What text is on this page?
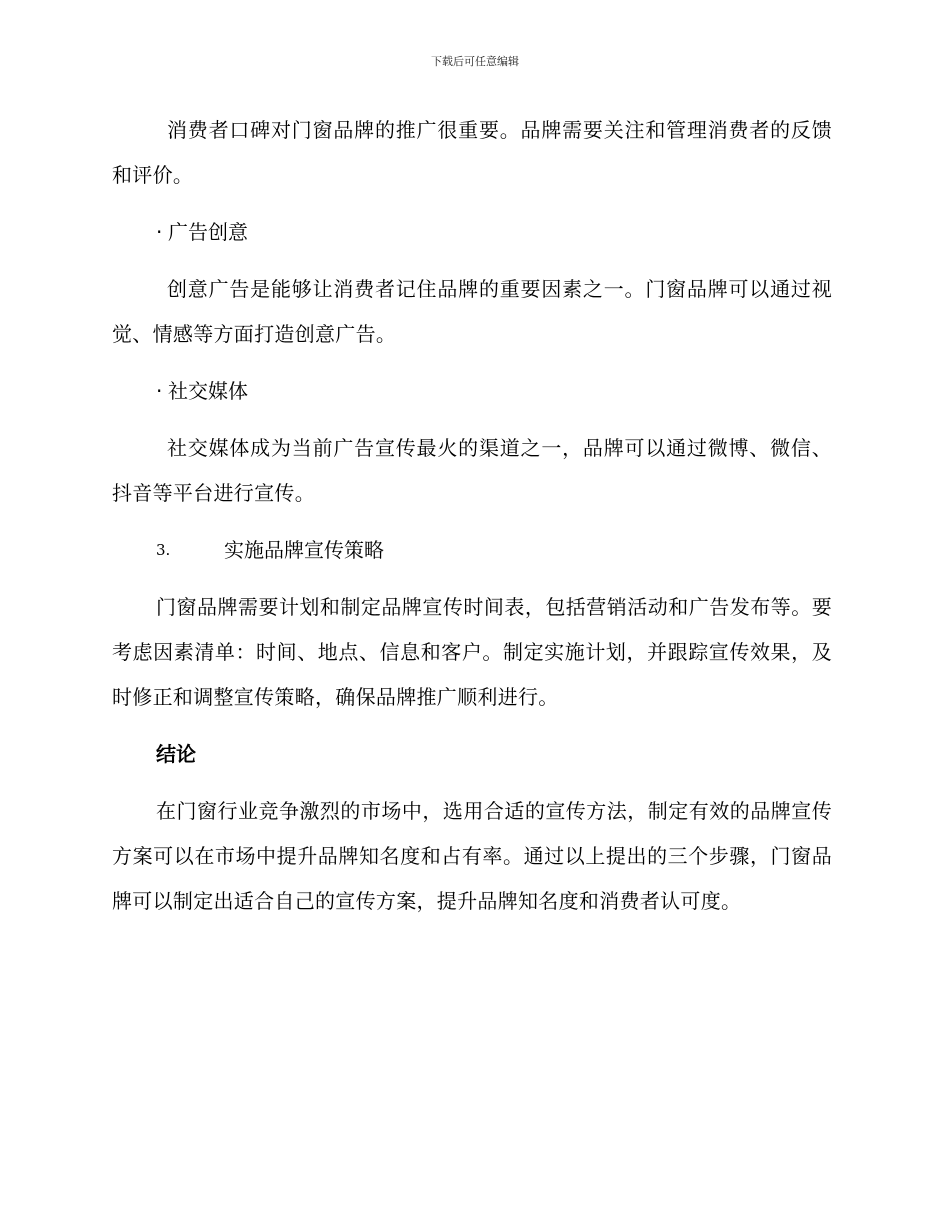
下载后可任意编辑

消费者口碑对门窗品牌的推广很重要。品牌需要关注和管理消费者的反馈和评价。

· 广告创意

创意广告是能够让消费者记住品牌的重要因素之一。门窗品牌可以通过视觉、情感等方面打造创意广告。

· 社交媒体

社交媒体成为当前广告宣传最火的渠道之一，品牌可以通过微博、微信、抖音等平台进行宣传。

3.	实施品牌宣传策略

门窗品牌需要计划和制定品牌宣传时间表，包括营销活动和广告发布等。要考虑因素清单：时间、地点、信息和客户。制定实施计划，并跟踪宣传效果，及时修正和调整宣传策略，确保品牌推广顺利进行。

结论

在门窗行业竞争激烈的市场中，选用合适的宣传方法，制定有效的品牌宣传方案可以在市场中提升品牌知名度和占有率。通过以上提出的三个步骤，门窗品牌可以制定出适合自己的宣传方案，提升品牌知名度和消费者认可度。
